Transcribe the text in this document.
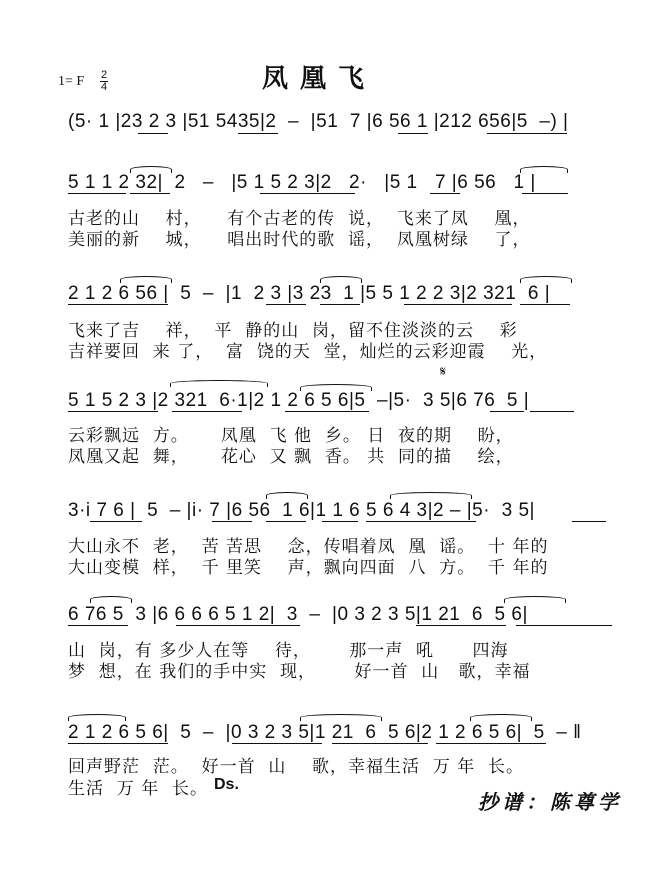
凤凰飞
1= F 2
4
(5· 1 |23 2 3 |51 5435|2  –  |51  7 |6 56 1 |212 656|5  –) |
5 1 1 2 32|  2   –   |5 1 5 2 3|2   2·   |5 1   7 |6 56   1 |
古老的山    村，    有个古老的传  说，  飞来了凤    凰，
美丽的新    城，    唱出时代的歌  谣，  凤凰树绿    了，
2 1 2 6 56 |  5  –  |1  2 3 |3 23  1 |5 5 1 2 2 3|2 321  6 |
飞来了吉    祥，  平  静的山  岗，留不住淡淡的云    彩
吉祥要回  来 了，  富  饶的天  堂，灿烂的云彩迎霞    光，
𝄋
5 1 5 2 3 |2 321  6·1|2 1 2 6 5 6|5  –|5·  3 5|6 76  5 |
云彩飘远  方。     凤凰  飞 他  乡。 日  夜的期    盼，
凤凰又起  舞，     花心  又 飘  香。 共  同的描    绘，
3·i 7 6 |  5  – |i· 7 |6 56  1 6|1 1 6 5 6 4 3|2 – |5·  3 5|
大山永不  老，  苦 苦思    念，传唱着凤  凰  谣。  十 年的
大山变模  样，  千 里笑    声，飘向四面  八  方。  千 年的
6 76 5  3 |6 6 6 6 5 1 2|  3  –  |0 3 2 3 5|1 21  6  5 6|
山  岗，有 多少人在等    待，      那一声  吼      四海
梦  想，在 我们的手中实  现，      好一首  山   歌，幸福
2 1 2 6 5 6|  5  –  |0 3 2 3 5|1 21  6  5 6|2 1 2 6 5 6|  5  – ‖
回声野茫  茫。  好一首  山    歌，幸福生活  万 年  长。
生活  万 年  长。 Ds.
抄谱：陈尊学
